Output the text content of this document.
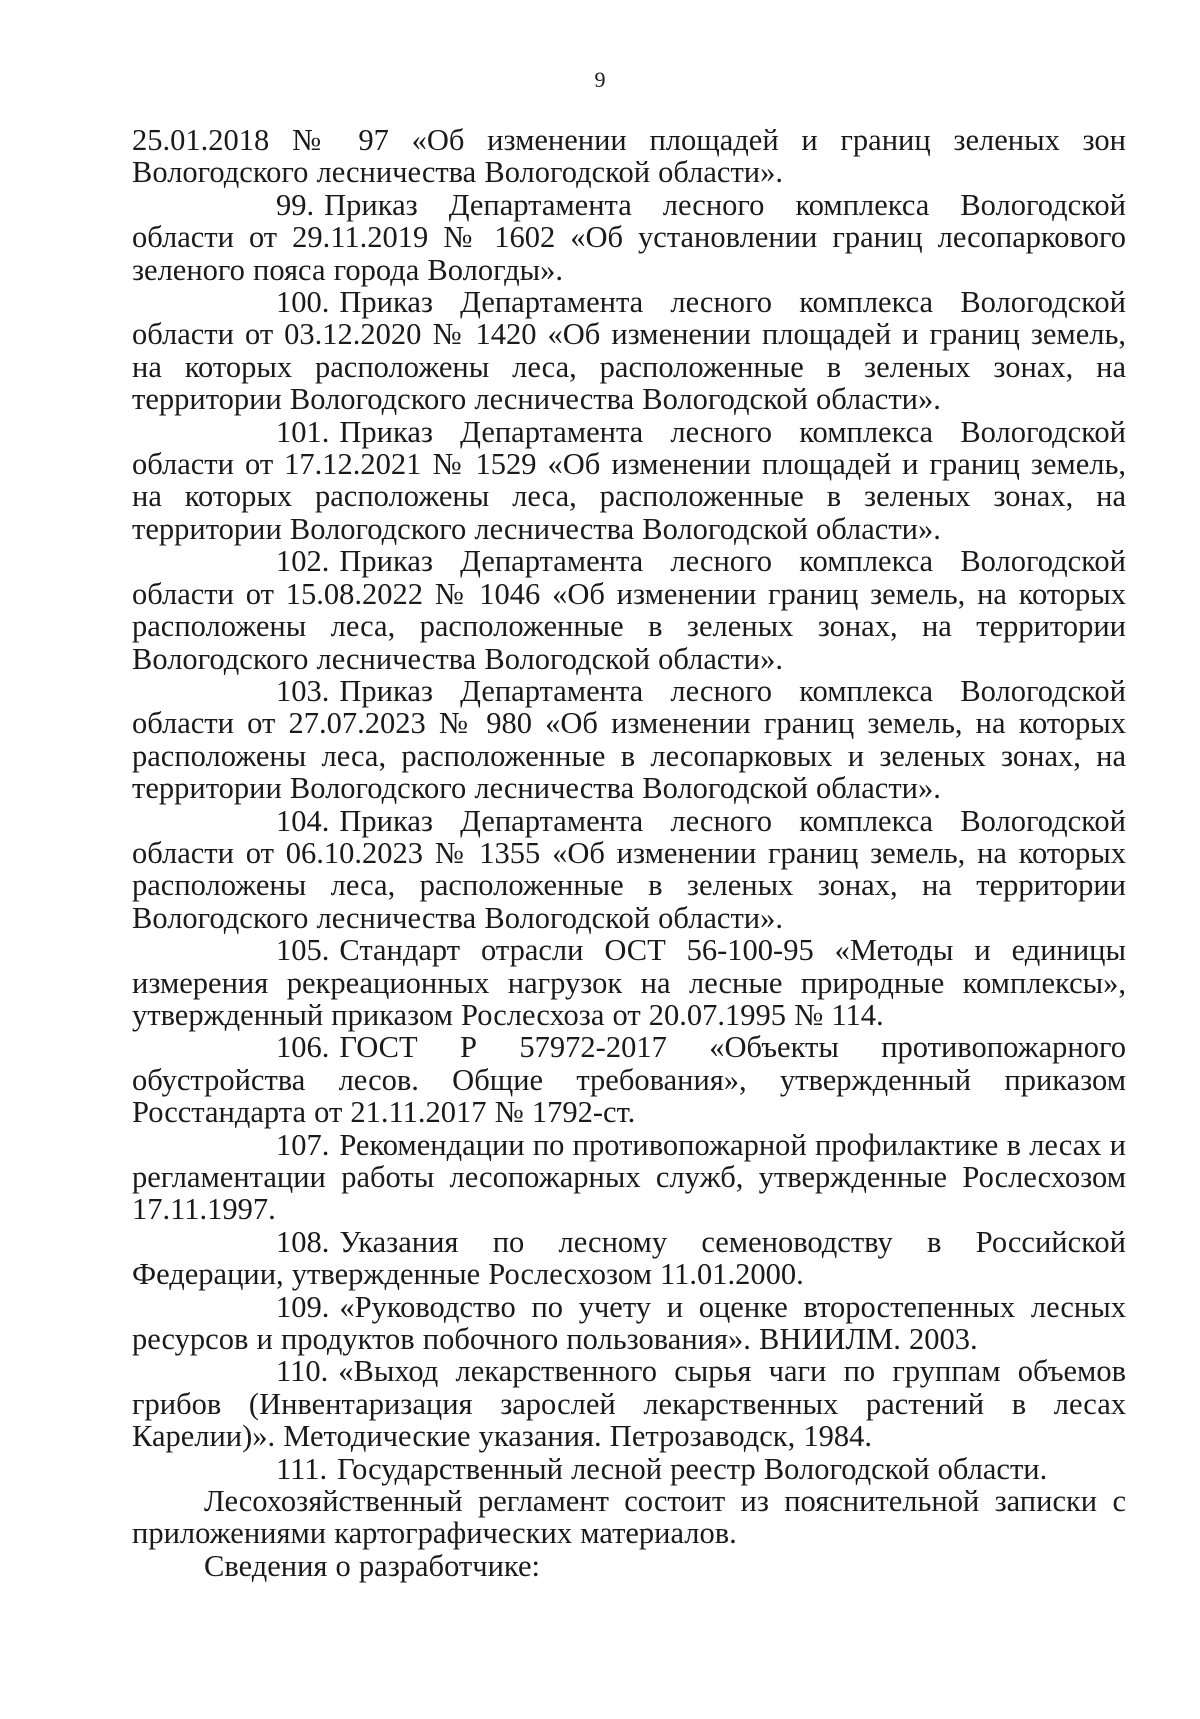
9

25.01.2018 № 97 «Об изменении площадей и границ зеленых зон Вологодского лесничества Вологодской области».

99. Приказ Департамента лесного комплекса Вологодской области от 29.11.2019 № 1602 «Об установлении границ лесопаркового зеленого пояса города Вологды».

100. Приказ Департамента лесного комплекса Вологодской области от 03.12.2020 № 1420 «Об изменении площадей и границ земель, на которых расположены леса, расположенные в зеленых зонах, на территории Вологодского лесничества Вологодской области».

101. Приказ Департамента лесного комплекса Вологодской области от 17.12.2021 № 1529 «Об изменении площадей и границ земель, на которых расположены леса, расположенные в зеленых зонах, на территории Вологодского лесничества Вологодской области».

102. Приказ Департамента лесного комплекса Вологодской области от 15.08.2022 № 1046 «Об изменении границ земель, на которых расположены леса, расположенные в зеленых зонах, на территории Вологодского лесничества Вологодской области».

103. Приказ Департамента лесного комплекса Вологодской области от 27.07.2023 № 980 «Об изменении границ земель, на которых расположены леса, расположенные в лесопарковых и зеленых зонах, на территории Вологодского лесничества Вологодской области».

104. Приказ Департамента лесного комплекса Вологодской области от 06.10.2023 № 1355 «Об изменении границ земель, на которых расположены леса, расположенные в зеленых зонах, на территории Вологодского лесничества Вологодской области».

105. Стандарт отрасли ОСТ 56-100-95 «Методы и единицы измерения рекреационных нагрузок на лесные природные комплексы», утвержденный приказом Рослесхоза от 20.07.1995 № 114.

106. ГОСТ Р 57972-2017 «Объекты противопожарного обустройства лесов. Общие требования», утвержденный приказом Росстандарта от 21.11.2017 № 1792-ст.

107. Рекомендации по противопожарной профилактике в лесах и регламентации работы лесопожарных служб, утвержденные Рослесхозом 17.11.1997.

108. Указания по лесному семеноводству в Российской Федерации, утвержденные Рослесхозом 11.01.2000.

109. «Руководство по учету и оценке второстепенных лесных ресурсов и продуктов побочного пользования». ВНИИЛМ. 2003.

110. «Выход лекарственного сырья чаги по группам объемов грибов (Инвентаризация зарослей лекарственных растений в лесах Карелии)». Методические указания. Петрозаводск, 1984.

111. Государственный лесной реестр Вологодской области.

Лесохозяйственный регламент состоит из пояснительной записки с приложениями картографических материалов.

Сведения о разработчике:
